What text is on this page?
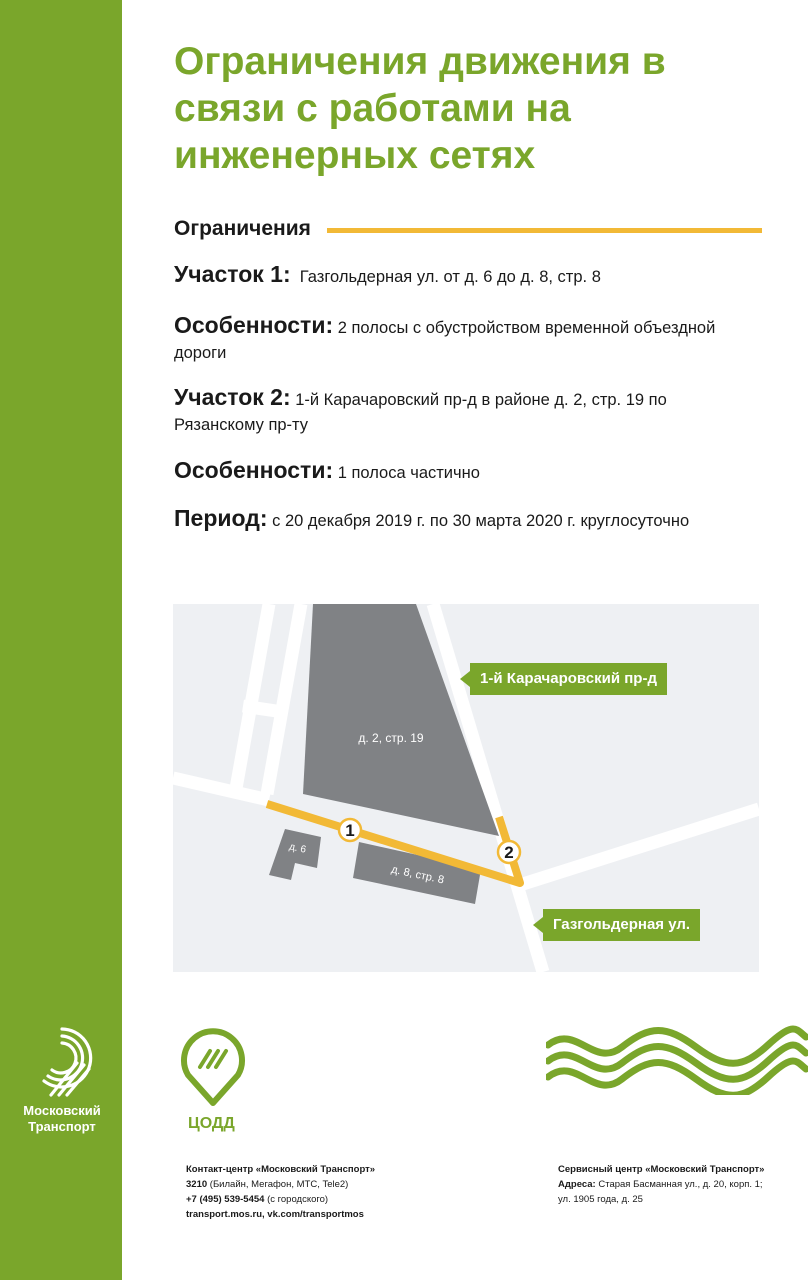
Московский Транспорт
Ограничения движения в связи с работами на инженерных сетях
Ограничения
Участок 1: Газгольдерная ул. от д. 6 до д. 8, стр. 8
Особенности: 2 полосы с обустройством временной объездной дороги
Участок 2: 1-й Карачаровский пр-д в районе д. 2, стр. 19 по Рязанскому пр-ту
Особенности: 1 полоса частично
Период: с 20 декабря 2019 г. по 30 марта 2020 г. круглосуточно
1
2
д. 2, стр. 19
д. 6
д. 8, стр. 8
1-й Карачаровский пр-д
Газгольдерная ул.
ЦОДД
Контакт-центр «Московский Транспорт»
3210 (Билайн, Мегафон, МТС, Tele2)
+7 (495) 539-5454 (с городского)
transport.mos.ru, vk.com/transportmos
Сервисный центр «Московский Транспорт»
Адреса: Старая Басманная ул., д. 20, корп. 1;
ул. 1905 года, д. 25
